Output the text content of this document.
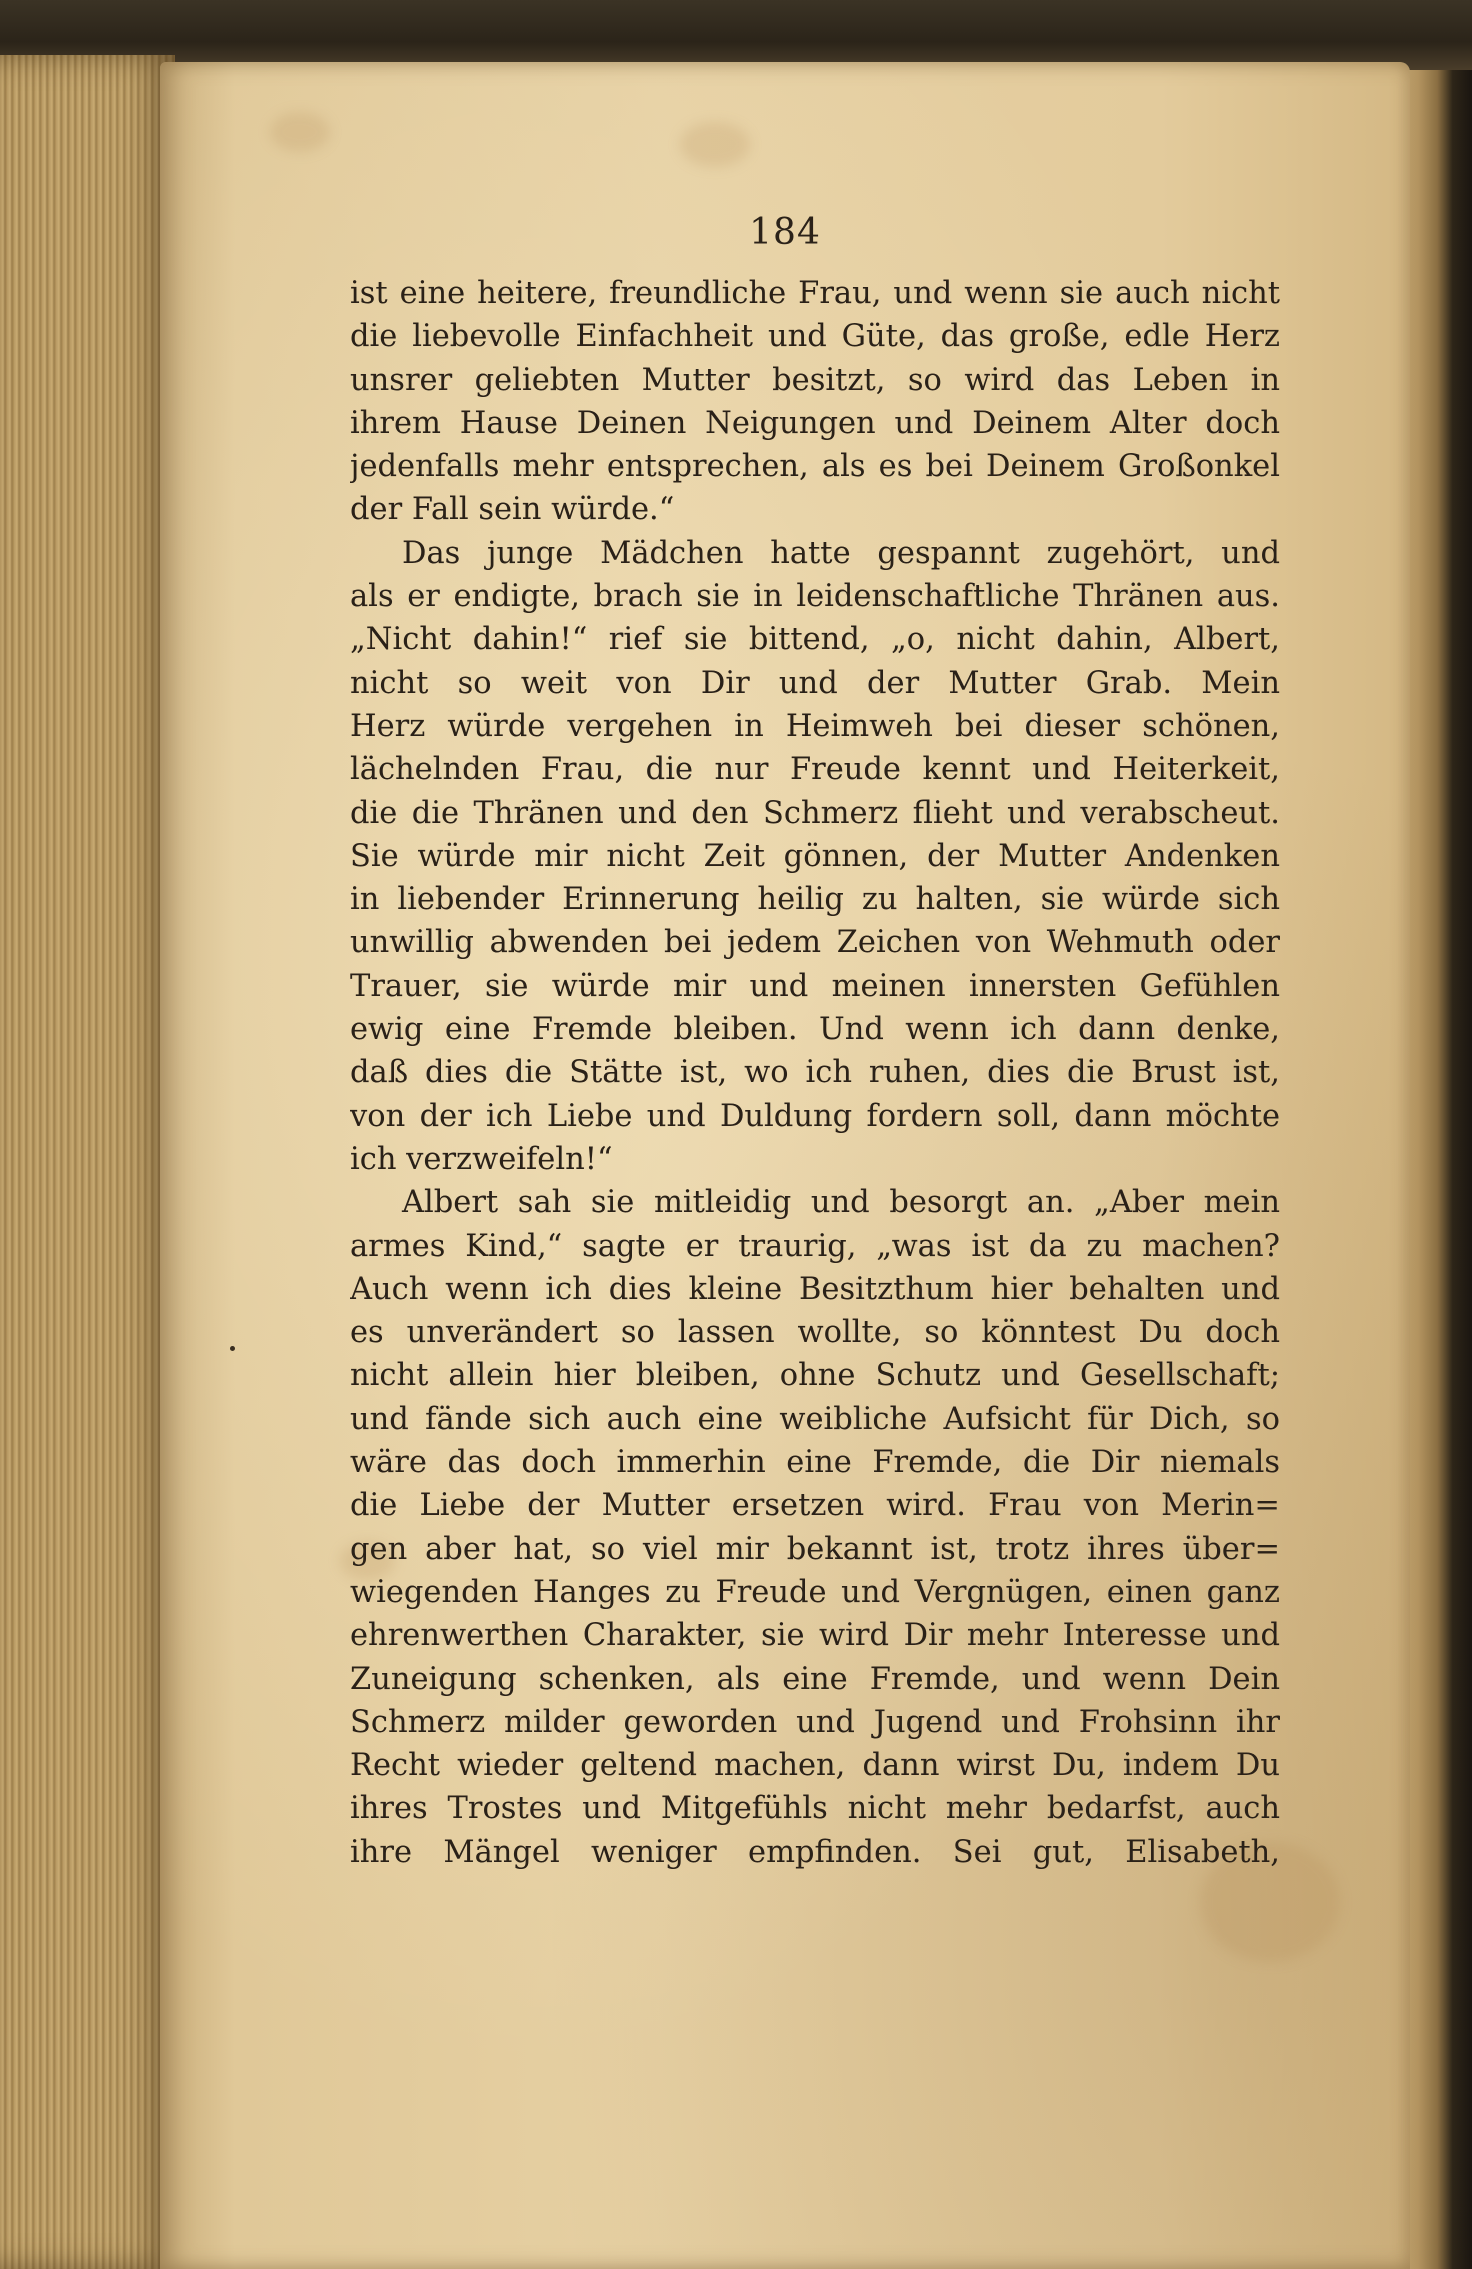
184
ist eine heitere, freundliche Frau, und wenn sie auch nicht
die liebevolle Einfachheit und Güte, das große, edle Herz
unsrer geliebten Mutter besitzt, so wird das Leben in
ihrem Hause Deinen Neigungen und Deinem Alter doch
jedenfalls mehr entsprechen, als es bei Deinem Großonkel
der Fall sein würde.“
Das junge Mädchen hatte gespannt zugehört, und
als er endigte, brach sie in leidenschaftliche Thränen aus.
„Nicht dahin!“ rief sie bittend, „o, nicht dahin, Albert,
nicht so weit von Dir und der Mutter Grab. Mein
Herz würde vergehen in Heimweh bei dieser schönen,
lächelnden Frau, die nur Freude kennt und Heiterkeit,
die die Thränen und den Schmerz flieht und verabscheut.
Sie würde mir nicht Zeit gönnen, der Mutter Andenken
in liebender Erinnerung heilig zu halten, sie würde sich
unwillig abwenden bei jedem Zeichen von Wehmuth oder
Trauer, sie würde mir und meinen innersten Gefühlen
ewig eine Fremde bleiben. Und wenn ich dann denke,
daß dies die Stätte ist, wo ich ruhen, dies die Brust ist,
von der ich Liebe und Duldung fordern soll, dann möchte
ich verzweifeln!“
Albert sah sie mitleidig und besorgt an. „Aber mein
armes Kind,“ sagte er traurig, „was ist da zu machen?
Auch wenn ich dies kleine Besitzthum hier behalten und
es unverändert so lassen wollte, so könntest Du doch
nicht allein hier bleiben, ohne Schutz und Gesellschaft;
und fände sich auch eine weibliche Aufsicht für Dich, so
wäre das doch immerhin eine Fremde, die Dir niemals
die Liebe der Mutter ersetzen wird. Frau von Merin=
gen aber hat, so viel mir bekannt ist, trotz ihres über=
wiegenden Hanges zu Freude und Vergnügen, einen ganz
ehrenwerthen Charakter, sie wird Dir mehr Interesse und
Zuneigung schenken, als eine Fremde, und wenn Dein
Schmerz milder geworden und Jugend und Frohsinn ihr
Recht wieder geltend machen, dann wirst Du, indem Du
ihres Trostes und Mitgefühls nicht mehr bedarfst, auch
ihre Mängel weniger empfinden. Sei gut, Elisabeth,
